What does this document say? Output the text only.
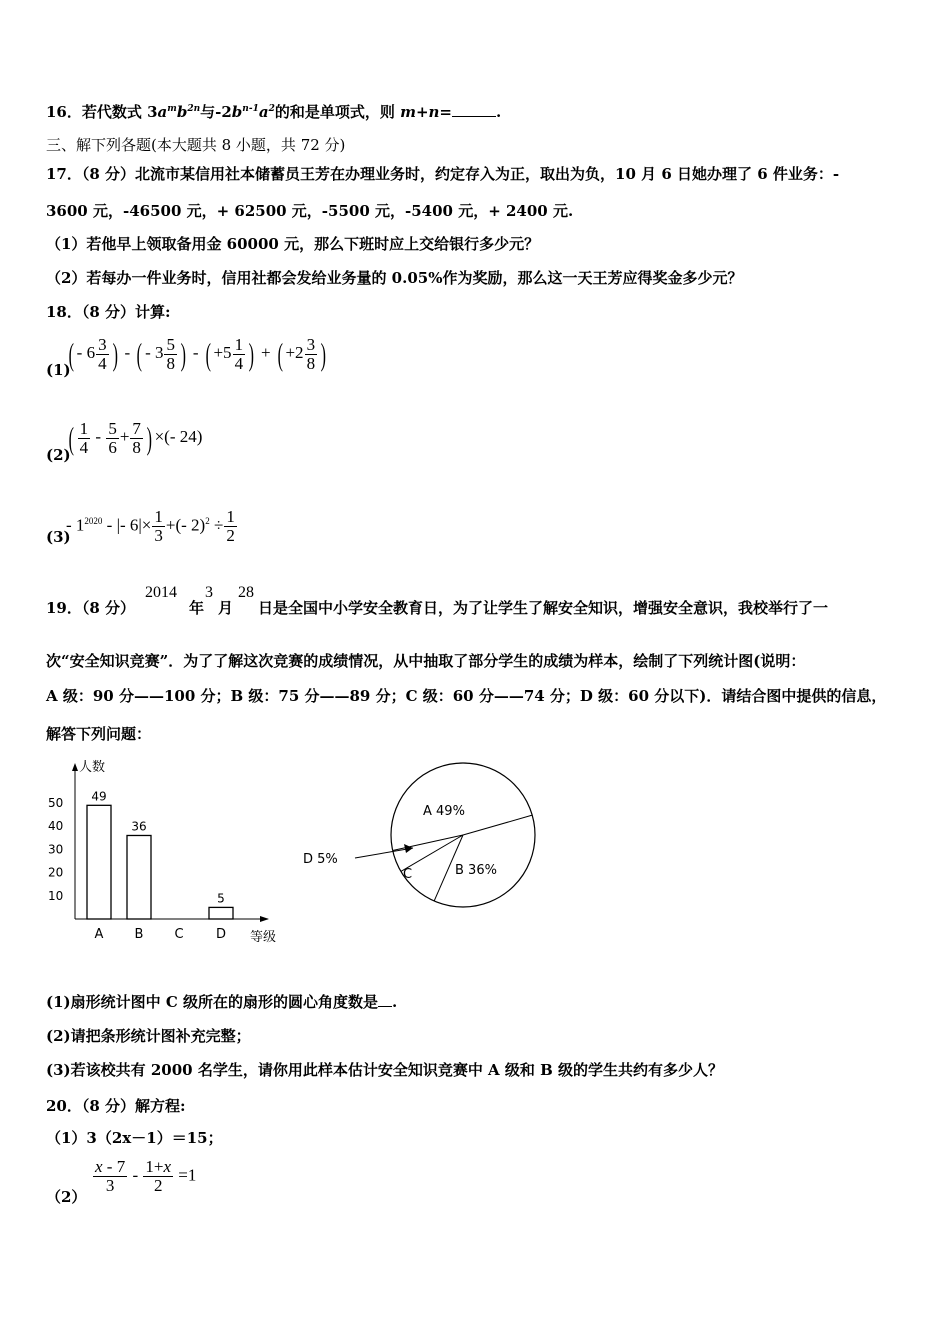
16．若代数式 $3a^mb^{2n}$与$-2b^{n-1}a^2$的和是单项式，则 m+n=	.
三、解下列各题(本大题共 8 小题，共 72 分)
17．（8 分）北流市某信用社本储蓄员王芳在办理业务时，约定存入为正，取出为负，10 月 6 日她办理了 6 件业务：-
3600 元，-46500 元，+ 62500 元，-5500 元，-5400 元，+ 2400 元.
（1）若他早上领取备用金 60000 元，那么下班时应上交给银行多少元？
（2）若每办一件业务时，信用社都会发给业务量的 0.05%作为奖励，那么这一天王芳应得奖金多少元？
18．（8 分）计算:
(1)
( - $6 \frac{3}{4}$ ) - ( - $3 \frac{5}{8}$ ) - ( $+5 \frac{1}{4}$ ) + ( $+2 \frac{3}{8}$ )
(2)
( $\frac{1}{4} - \frac{5}{6} + \frac{7}{8}$ ) ×(- 24)
(3)
- $1^{2020}$ - |- $6|\times \frac{1}{3}$ +(- $2)^2 \div \frac{1}{2}$
19．（8 分）
2014
年
3
月
28
日是全国中小学安全教育日，为了让学生了解安全知识，增强安全意识，我校举行了一
次“安全知识竞赛”．为了了解这次竞赛的成绩情况，从中抽取了部分学生的成绩为样本，绘制了下列统计图(说明：
A 级：90 分——100 分；B 级：75 分——89 分；C 级：60 分——74 分；D 级：60 分以下)．请结合图中提供的信息，
解答下列问题：
人数
等级
10
20
30
40
50
A
49
B
36
C D
5
A 49%
B 36%
C
D 5%
(1)扇形统计图中 C 级所在的扇形的圆心角度数是 .
(2)请把条形统计图补充完整；
(3)若该校共有 2000 名学生，请你用此样本估计安全知识竞赛中 A 级和 B 级的学生共约有多少人？
20．（8 分）解方程:
（1）3（2x－1）＝15；
（2）
$\frac{x - 7}{3} - \frac{1+x}{2} =1$
